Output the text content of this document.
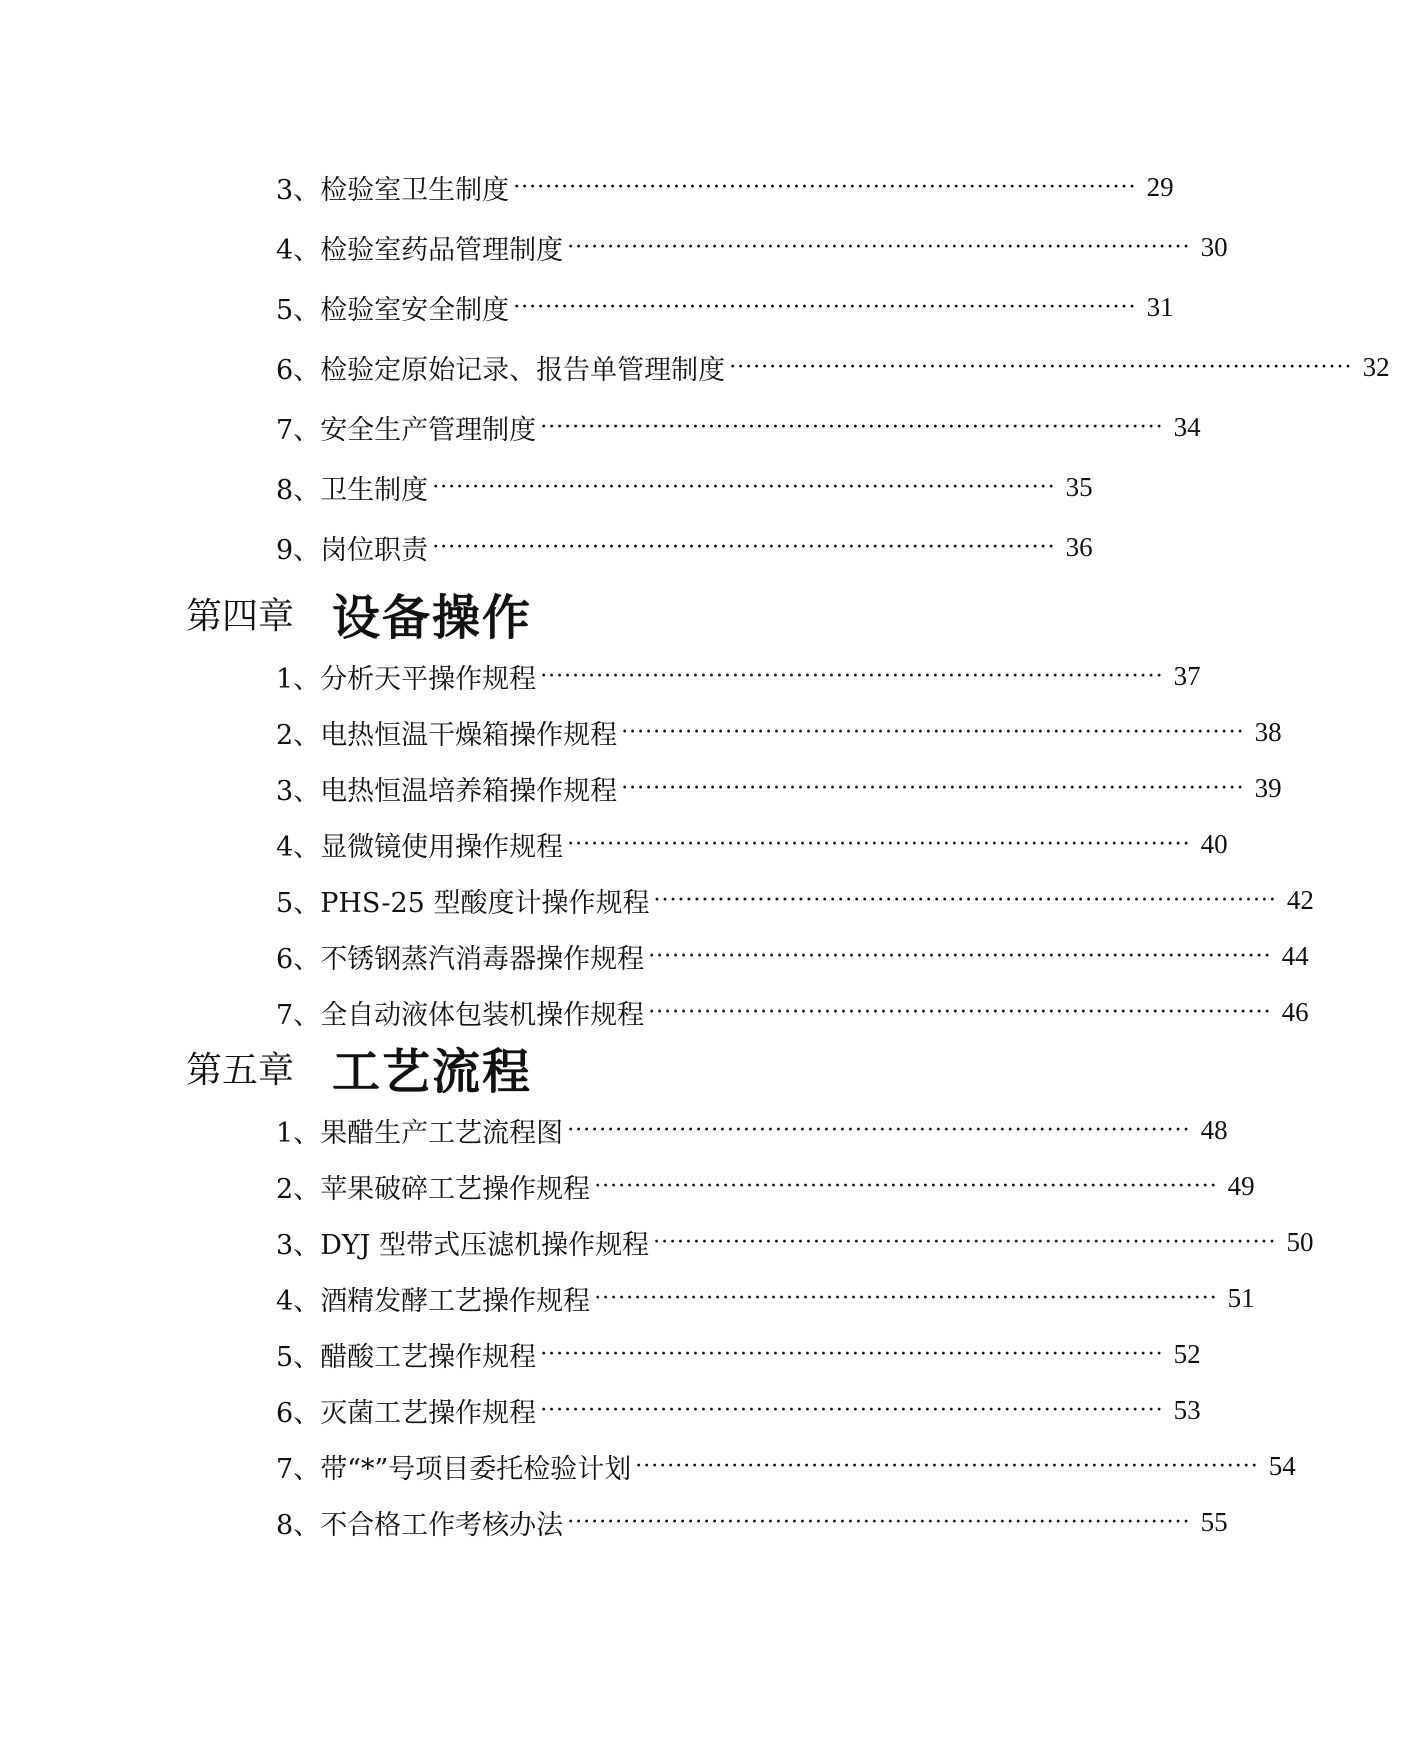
3、 检验室卫生制度 ·············································································· 29
4、 检验室药品管理制度 ·············································································· 30
5、 检验室安全制度 ·············································································· 31
6、 检验定原始记录、报告单管理制度 ·············································································· 32
7、 安全生产管理制度 ·············································································· 34
8、 卫生制度 ·············································································· 35
9、 岗位职责 ·············································································· 36
第四章 设备操作
1、 分析天平操作规程 ·············································································· 37
2、 电热恒温干燥箱操作规程 ·············································································· 38
3、 电热恒温培养箱操作规程 ·············································································· 39
4、 显微镜使用操作规程 ·············································································· 40
5、 PHS-25 型酸度计操作规程 ·············································································· 42
6、 不锈钢蒸汽消毒器操作规程 ·············································································· 44
7、 全自动液体包装机操作规程 ·············································································· 46
第五章 工艺流程
1、 果醋生产工艺流程图 ·············································································· 48
2、 苹果破碎工艺操作规程 ·············································································· 49
3、 DYJ 型带式压滤机操作规程 ·············································································· 50
4、 酒精发酵工艺操作规程 ·············································································· 51
5、 醋酸工艺操作规程 ·············································································· 52
6、 灭菌工艺操作规程 ·············································································· 53
7、 带“*”号项目委托检验计划 ·············································································· 54
8、 不合格工作考核办法 ·············································································· 55
